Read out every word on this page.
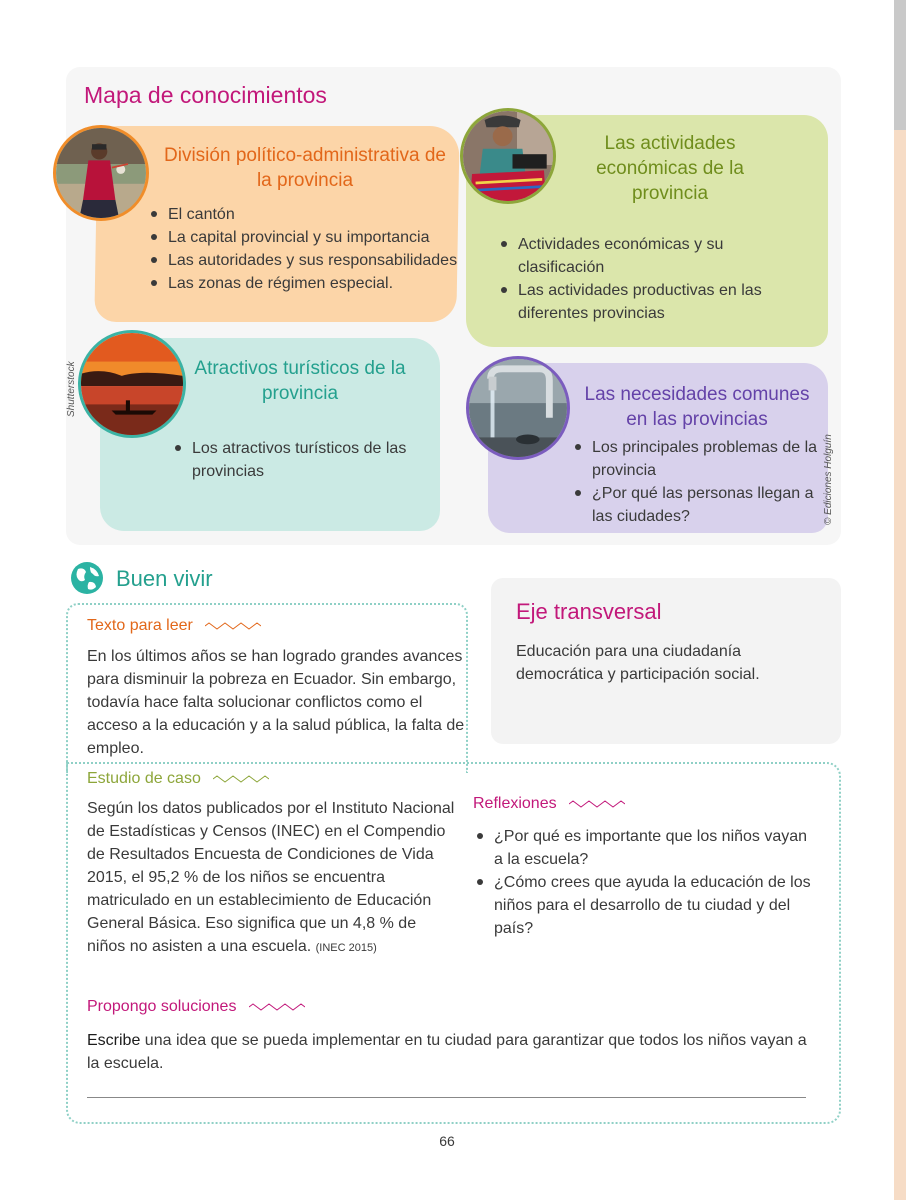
Mapa de conocimientos
División político-administrativa de la provincia
Las actividades económicas de la provincia
Atractivos turísticos de la provincia	Las necesidades comunes en las provincias
El cantón
La capital provincial y su importancia
Las autoridades y sus responsabilidades
Las zonas de régimen especial.
Actividades económicas y su clasificación
Las actividades productivas en las diferentes provincias
Los atractivos turísticos de las provincias
Los principales problemas de la provincia
¿Por qué las personas llegan a las ciudades?
Shutterstock
© Ediciones Holguín
Buen vivir
Texto para leer
En los últimos años se han logrado grandes avances para disminuir la pobreza en Ecuador. Sin embargo, todavía hace falta solucionar conflictos como el acceso a la educación y a la salud pública, la falta de empleo.
Estudio de caso
Según los datos publicados por el Instituto Nacional de Estadísticas y Censos (INEC) en el Compendio de Resultados Encuesta de Condiciones de Vida 2015, el 95,2 % de los niños se encuentra matriculado en un establecimiento de Educación General Básica. Eso significa que un 4,8 % de niños no asisten a una escuela. (INEC 2015)
Reflexiones
¿Por qué es importante que los niños vayan a la escuela?
¿Cómo crees que ayuda la educación de los niños para el desarrollo de tu ciudad y del país?
Propongo soluciones
Escribe una idea que se pueda implementar en tu ciudad para garantizar que todos los niños vayan a la escuela.
Eje transversal
Educación para una ciudadanía democrática y participación social.
66
